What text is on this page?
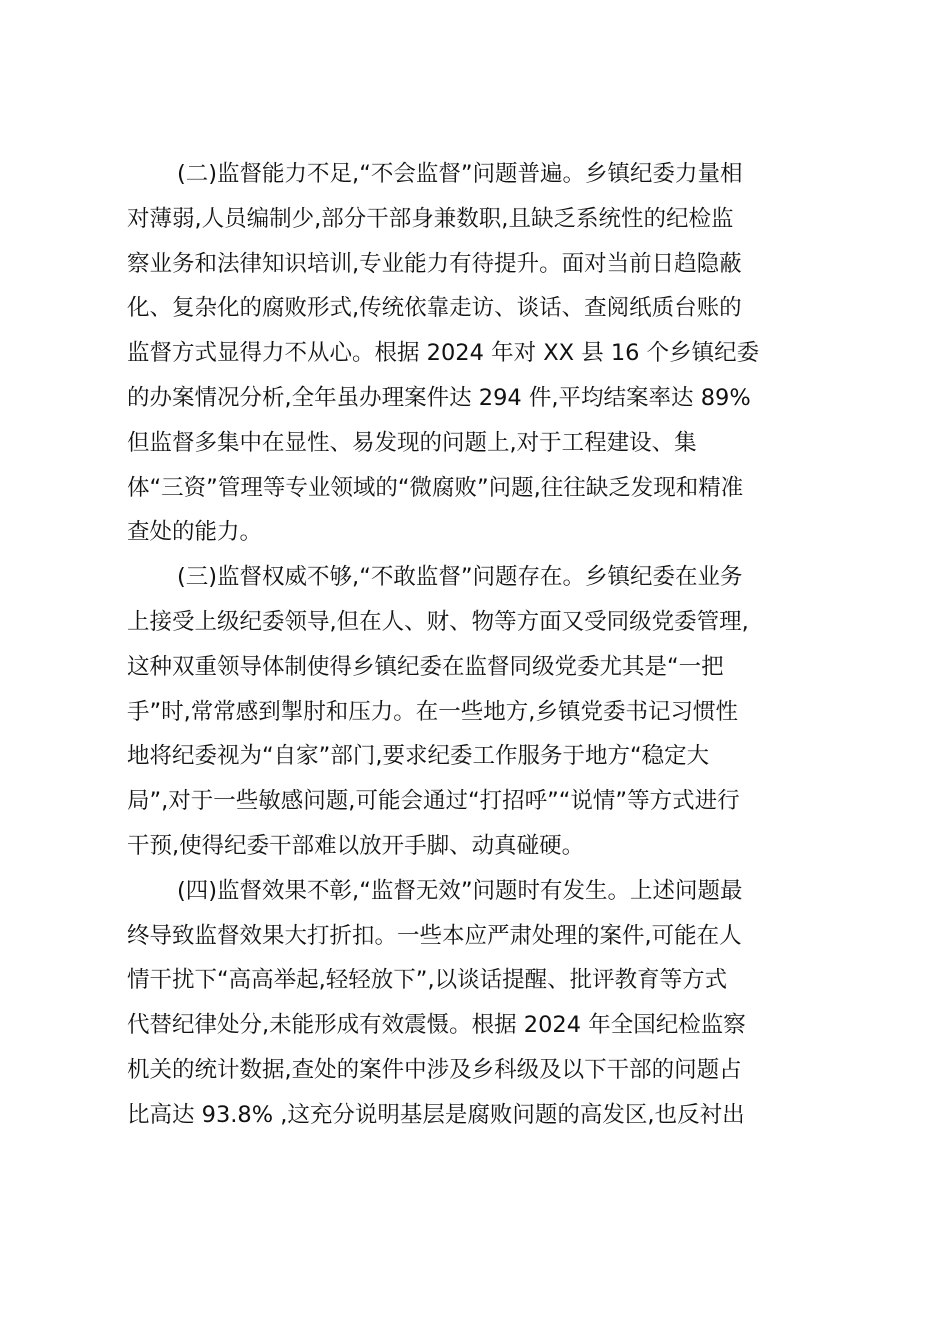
(二)监督能力不足,“不会监督”问题普遍。乡镇纪委力量相
对薄弱,人员编制少,部分干部身兼数职,且缺乏系统性的纪检监
察业务和法律知识培训,专业能力有待提升。面对当前日趋隐蔽
化、复杂化的腐败形式,传统依靠走访、谈话、查阅纸质台账的
监督方式显得力不从心。根据 2024 年对 XX 县 16 个乡镇纪委
的办案情况分析,全年虽办理案件达 294 件,平均结案率达 89%
但监督多集中在显性、易发现的问题上,对于工程建设、集
体“三资”管理等专业领域的“微腐败”问题,往往缺乏发现和精准
查处的能力。
(三)监督权威不够,“不敢监督”问题存在。乡镇纪委在业务
上接受上级纪委领导,但在人、财、物等方面又受同级党委管理,
这种双重领导体制使得乡镇纪委在监督同级党委尤其是“一把
手”时,常常感到掣肘和压力。在一些地方,乡镇党委书记习惯性
地将纪委视为“自家”部门,要求纪委工作服务于地方“稳定大
局”,对于一些敏感问题,可能会通过“打招呼”“说情”等方式进行
干预,使得纪委干部难以放开手脚、动真碰硬。
(四)监督效果不彰,“监督无效”问题时有发生。上述问题最
终导致监督效果大打折扣。一些本应严肃处理的案件,可能在人
情干扰下“高高举起,轻轻放下”,以谈话提醒、批评教育等方式
代替纪律处分,未能形成有效震慑。根据 2024 年全国纪检监察
机关的统计数据,查处的案件中涉及乡科级及以下干部的问题占
比高达 93.8% ,这充分说明基层是腐败问题的高发区,也反衬出
